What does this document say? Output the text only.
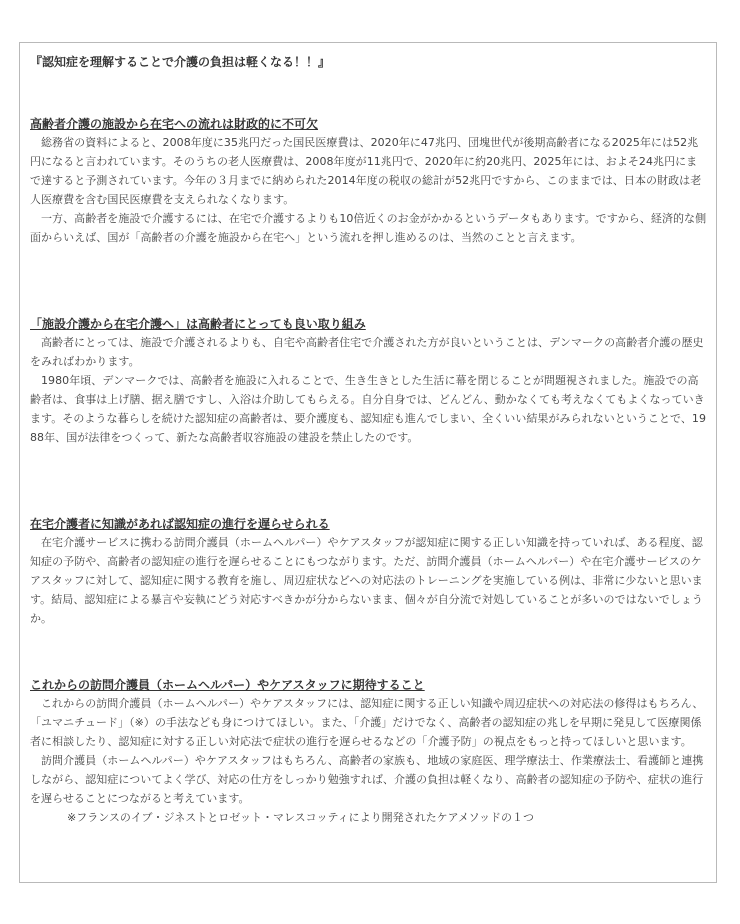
『認知症を理解することで介護の負担は軽くなる！！』

高齢者介護の施設から在宅への流れは財政的に不可欠

総務省の資料によると、2008年度に35兆円だった国民医療費は、2020年に47兆円、団塊世代が後期高齢者になる2025年には52兆円になると言われています。そのうちの老人医療費は、2008年度が11兆円で、2020年に約20兆円、2025年には、およそ24兆円にまで達すると予測されています。今年の３月までに納められた2014年度の税収の総計が52兆円ですから、このままでは、日本の財政は老人医療費を含む国民医療費を支えられなくなります。

一方、高齢者を施設で介護するには、在宅で介護するよりも10倍近くのお金がかかるというデータもあります。ですから、経済的な側面からいえば、国が「高齢者の介護を施設から在宅へ」という流れを押し進めるのは、当然のことと言えます。

「施設介護から在宅介護へ」は高齢者にとっても良い取り組み

高齢者にとっては、施設で介護されるよりも、自宅や高齢者住宅で介護された方が良いということは、デンマークの高齢者介護の歴史をみればわかります。

1980年頃、デンマークでは、高齢者を施設に入れることで、生き生きとした生活に幕を閉じることが問題視されました。施設での高齢者は、食事は上げ膳、据え膳ですし、入浴は介助してもらえる。自分自身では、どんどん、動かなくても考えなくてもよくなっていきます。そのような暮らしを続けた認知症の高齢者は、要介護度も、認知症も進んでしまい、全くいい結果がみられないということで、1988年、国が法律をつくって、新たな高齢者収容施設の建設を禁止したのです。

在宅介護者に知識があれば認知症の進行を遅らせられる

在宅介護サービスに携わる訪問介護員（ホームヘルパー）やケアスタッフが認知症に関する正しい知識を持っていれば、ある程度、認知症の予防や、高齢者の認知症の進行を遅らせることにもつながります。ただ、訪問介護員（ホームヘルパー）や在宅介護サービスのケアスタッフに対して、認知症に関する教育を施し、周辺症状などへの対応法のトレーニングを実施している例は、非常に少ないと思います。結局、認知症による暴言や妄執にどう対応すべきかが分からないまま、個々が自分流で対処していることが多いのではないでしょうか。

これからの訪問介護員（ホームヘルパー）やケアスタッフに期待すること

これからの訪問介護員（ホームヘルパー）やケアスタッフには、認知症に関する正しい知識や周辺症状への対応法の修得はもちろん、「ユマニチュード」（※）の手法なども身につけてほしい。また、「介護」だけでなく、高齢者の認知症の兆しを早期に発見して医療関係者に相談したり、認知症に対する正しい対応法で症状の進行を遅らせるなどの「介護予防」の視点をもっと持ってほしいと思います。

訪問介護員（ホームヘルパー）やケアスタッフはもちろん、高齢者の家族も、地域の家庭医、理学療法士、作業療法士、看護師と連携しながら、認知症についてよく学び、対応の仕方をしっかり勉強すれば、介護の負担は軽くなり、高齢者の認知症の予防や、症状の進行を遅らせることにつながると考えています。

※フランスのイブ・ジネストとロゼット・マレスコッティにより開発されたケアメソッドの１つ
